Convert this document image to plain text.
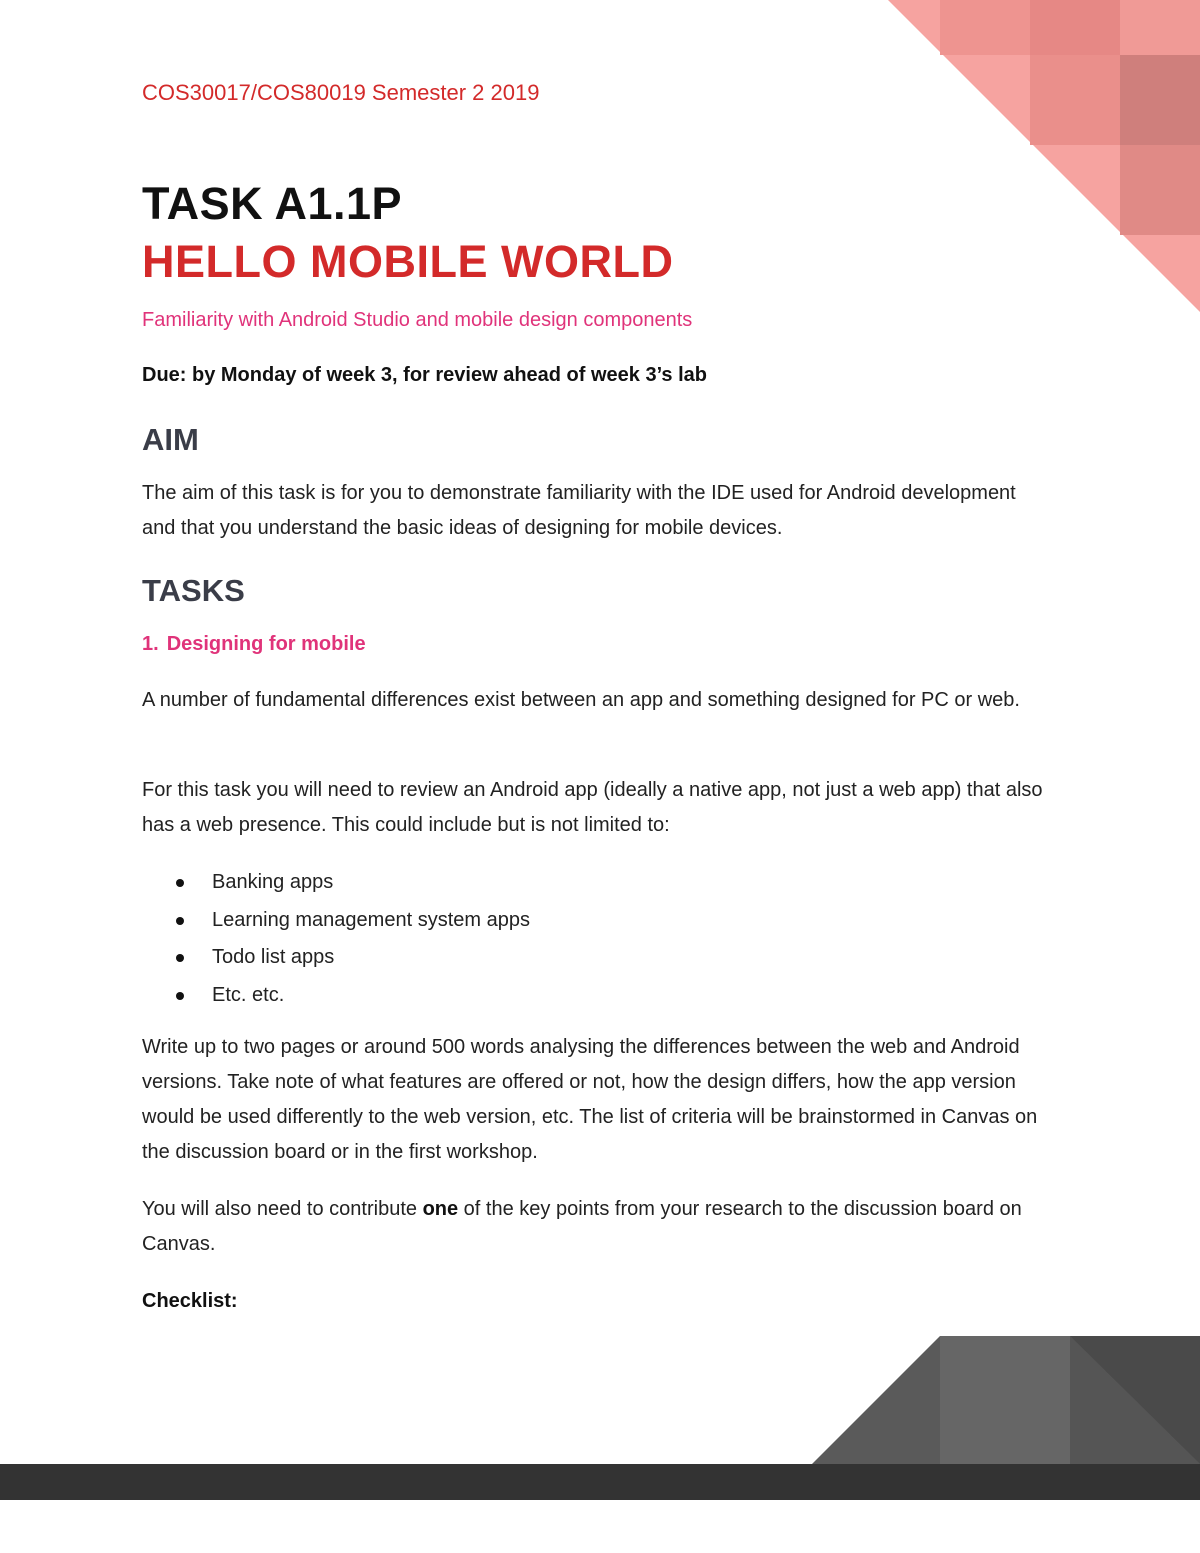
COS30017/COS80019 Semester 2 2019
TASK A1.1P
HELLO MOBILE WORLD
Familiarity with Android Studio and mobile design components
Due: by Monday of week 3, for review ahead of week 3’s lab
AIM

The aim of this task is for you to demonstrate familiarity with the IDE used for Android development and that you understand the basic ideas of designing for mobile devices.

TASKS
1. Designing for mobile

A number of fundamental differences exist between an app and something designed for PC or web.

For this task you will need to review an Android app (ideally a native app, not just a web app) that also has a web presence. This could include but is not limited to:

Banking apps
Learning management system apps
Todo list apps
Etc. etc.

Write up to two pages or around 500 words analysing the differences between the web and Android versions. Take note of what features are offered or not, how the design differs, how the app version would be used differently to the web version, etc. The list of criteria will be brainstormed in Canvas on the discussion board or in the first workshop.

You will also need to contribute one of the key points from your research to the discussion board on Canvas.

Checklist:
